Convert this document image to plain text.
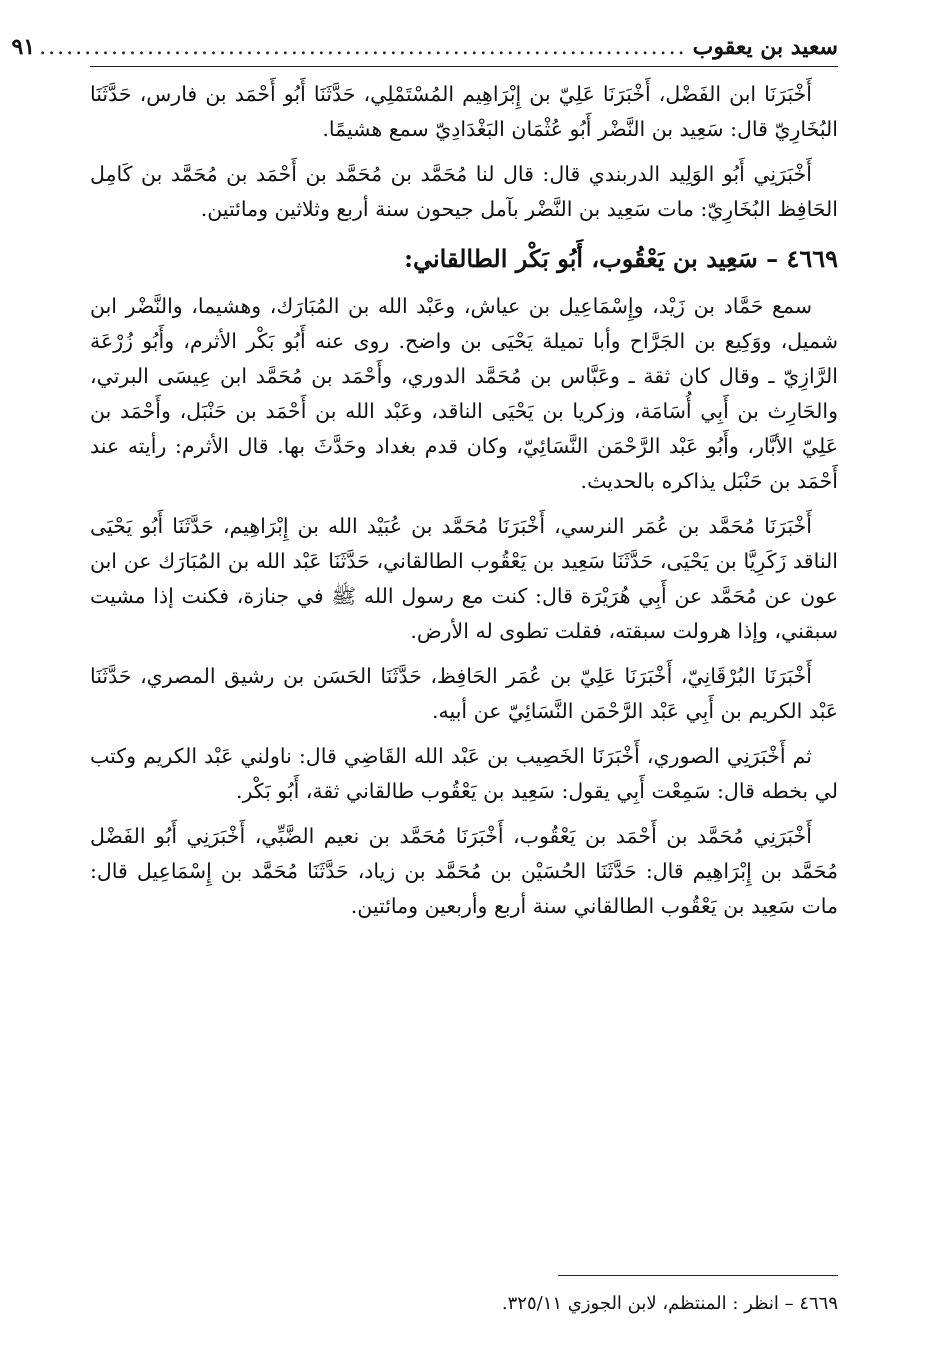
سعيد بن يعقوب
........................................................................
٩١

أَخْبَرَنَا ابن الفَضْل، أَخْبَرَنَا عَلِيّ بن إِبْرَاهِيم المُسْتَمْلِي، حَدَّثَنَا أَبُو أَحْمَد بن فارس، حَدَّثَنَا البُخَارِيّ قال: سَعِيد بن النَّضْر أَبُو عُثْمَان البَغْدَادِيّ سمع هشيمًا.

أَخْبَرَنِي أَبُو الوَلِيد الدربندي قال: قال لنا مُحَمَّد بن مُحَمَّد بن أَحْمَد بن مُحَمَّد بن كَامِل الحَافِظ البُخَارِيّ: مات سَعِيد بن النَّضْر بآمل جيحون سنة أربع وثلاثين ومائتين.

٤٦٦٩ – سَعِيد بن يَعْقُوب، أَبُو بَكْر الطالقاني:

سمع حَمَّاد بن زَيْد، وإِسْمَاعِيل بن عياش، وعَبْد الله بن المُبَارَك، وهشيما، والنَّضْر ابن شميل، ووَكِيع بن الجَرَّاح وأبا تميلة يَحْيَى بن واضح. روى عنه أَبُو بَكْر الأثرم، وأَبُو زُرْعَة الرَّازِيّ ـ وقال كان ثقة ـ وعَبَّاس بن مُحَمَّد الدوري، وأَحْمَد بن مُحَمَّد ابن عِيسَى البرتي، والحَارِث بن أَبِي أُسَامَة، وزكريا بن يَحْيَى الناقد، وعَبْد الله بن أَحْمَد بن حَنْبَل، وأَحْمَد بن عَلِيّ الأبَّار، وأَبُو عَبْد الرَّحْمَن النَّسَائِيّ، وكان قدم بغداد وحَدَّثَ بها. قال الأثرم: رأيته عند أَحْمَد بن حَنْبَل يذاكره بالحديث.

أَخْبَرَنَا مُحَمَّد بن عُمَر النرسي، أَخْبَرَنَا مُحَمَّد بن عُبَيْد الله بن إِبْرَاهِيم، حَدَّثَنَا أَبُو يَحْيَى الناقد زَكَرِيَّا بن يَحْيَى، حَدَّثَنَا سَعِيد بن يَعْقُوب الطالقاني، حَدَّثَنَا عَبْد الله بن المُبَارَك عن ابن عون عن مُحَمَّد عن أَبِي هُرَيْرَة قال: كنت مع رسول الله ﷺ في جنازة، فكنت إذا مشيت سبقني، وإذا هرولت سبقته، فقلت تطوى له الأرض.

أَخْبَرَنَا البُرْقَانِيّ، أَخْبَرَنَا عَلِيّ بن عُمَر الحَافِظ، حَدَّثَنَا الحَسَن بن رشيق المصري، حَدَّثَنَا عَبْد الكريم بن أَبِي عَبْد الرَّحْمَن النَّسَائِيّ عن أبيه.

ثم أَخْبَرَنِي الصوري، أَخْبَرَنَا الخَصِيب بن عَبْد الله القَاضِي قال: ناولني عَبْد الكريم وكتب لي بخطه قال: سَمِعْت أَبِي يقول: سَعِيد بن يَعْقُوب طالقاني ثقة، أَبُو بَكْر.

أَخْبَرَنِي مُحَمَّد بن أَحْمَد بن يَعْقُوب، أَخْبَرَنَا مُحَمَّد بن نعيم الضَّبِّي، أَخْبَرَنِي أَبُو الفَضْل مُحَمَّد بن إِبْرَاهِيم قال: حَدَّثَنَا الحُسَيْن بن مُحَمَّد بن زياد، حَدَّثَنَا مُحَمَّد بن إِسْمَاعِيل قال: مات سَعِيد بن يَعْقُوب الطالقاني سنة أربع وأربعين ومائتين.

٤٦٦٩ – انظر : المنتظم، لابن الجوزي ٣٢٥/١١.
